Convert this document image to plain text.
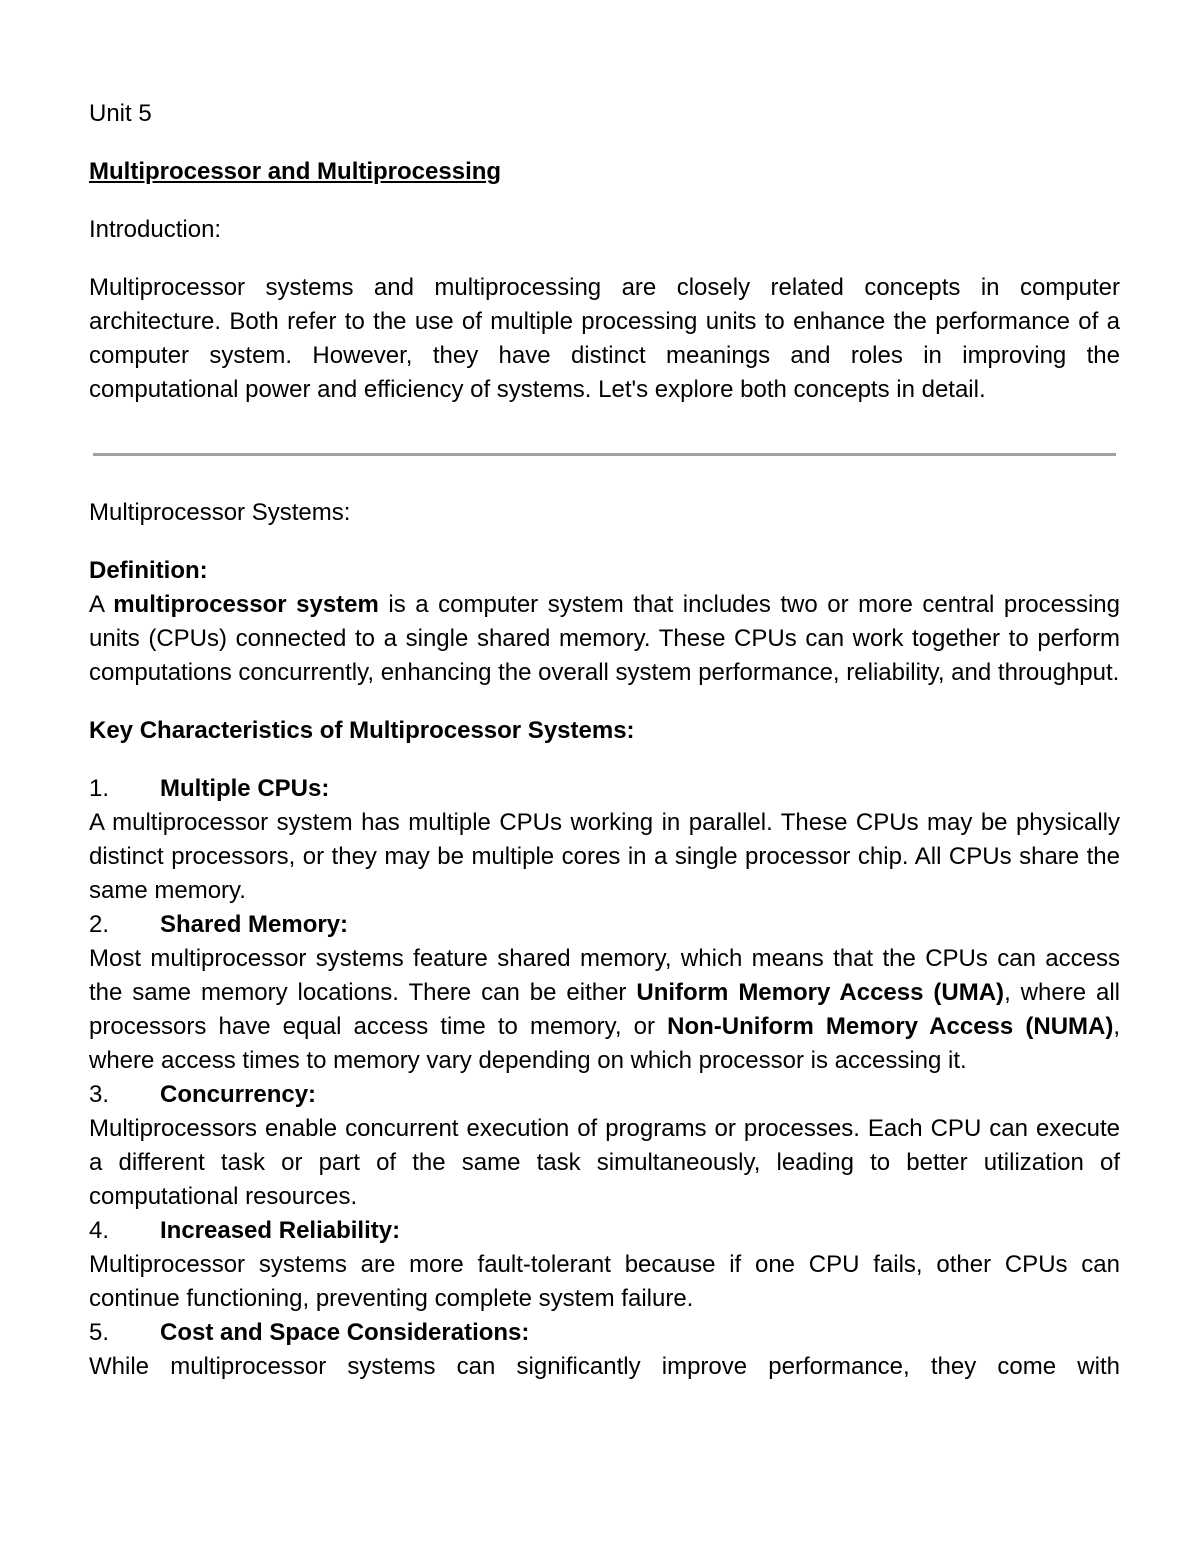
Unit 5

Multiprocessor and Multiprocessing

Introduction:

Multiprocessor systems and multiprocessing are closely related concepts in computer architecture. Both refer to the use of multiple processing units to enhance the performance of a computer system. However, they have distinct meanings and roles in improving the computational power and efficiency of systems. Let's explore both concepts in detail.

Multiprocessor Systems:

Definition:

A multiprocessor system is a computer system that includes two or more central processing units (CPUs) connected to a single shared memory. These CPUs can work together to perform computations concurrently, enhancing the overall system performance, reliability, and throughput.

Key Characteristics of Multiprocessor Systems:

1.	Multiple CPUs:

A multiprocessor system has multiple CPUs working in parallel. These CPUs may be physically distinct processors, or they may be multiple cores in a single processor chip. All CPUs share the same memory.

2.	Shared Memory:

Most multiprocessor systems feature shared memory, which means that the CPUs can access the same memory locations. There can be either Uniform Memory Access (UMA), where all processors have equal access time to memory, or Non-Uniform Memory Access (NUMA), where access times to memory vary depending on which processor is accessing it.

3.	Concurrency:

Multiprocessors enable concurrent execution of programs or processes. Each CPU can execute a different task or part of the same task simultaneously, leading to better utilization of computational resources.

4.	Increased Reliability:

Multiprocessor systems are more fault-tolerant because if one CPU fails, other CPUs can continue functioning, preventing complete system failure.

5.	Cost and Space Considerations:

While multiprocessor systems can significantly improve performance, they come with
